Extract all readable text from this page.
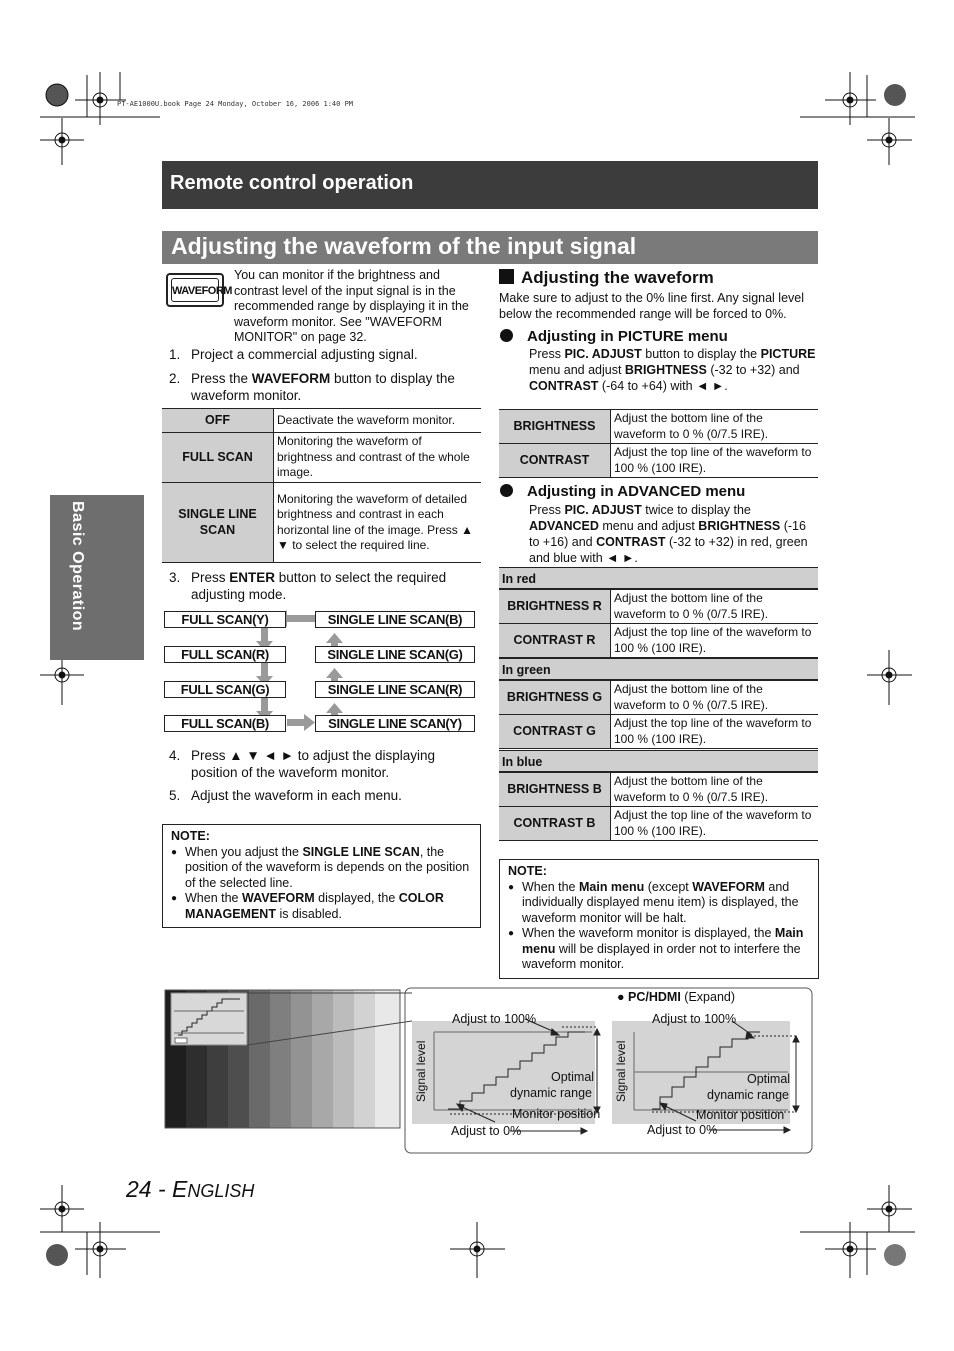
PT-AE1000U.book Page 24 Monday, October 16, 2006 1:40 PM
Remote control operation
Adjusting the waveform of the input signal
Basic Operation
WAVEFORM
You can monitor if the brightness and contrast level of the input signal is in the recommended range by displaying it in the waveform monitor. See "WAVEFORM MONITOR" on page 32.
1. Project a commercial adjusting signal.
2. Press the WAVEFORM button to display the waveform monitor.
OFF	Deactivate the waveform monitor.
FULL SCAN	Monitoring the waveform of brightness and contrast of the whole image.
SINGLE LINE SCAN	Monitoring the waveform of detailed brightness and contrast in each horizontal line of the image. Press ▲ ▼ to select the required line.
3. Press ENTER button to select the required adjusting mode.
FULL SCAN(Y)
FULL SCAN(R)
FULL SCAN(G)
FULL SCAN(B)
SINGLE LINE SCAN(B)
SINGLE LINE SCAN(G)
SINGLE LINE SCAN(R)
SINGLE LINE SCAN(Y)
4. Press ▲ ▼ ◄ ► to adjust the displaying position of the waveform monitor.
5. Adjust the waveform in each menu.
NOTE:
● When you adjust the SINGLE LINE SCAN, the position of the waveform is depends on the position of the selected line.
● When the WAVEFORM displayed, the COLOR MANAGEMENT is disabled.
Adjusting the waveform
Make sure to adjust to the 0% line first. Any signal level below the recommended range will be forced to 0%.
Adjusting in PICTURE menu
Press PIC. ADJUST button to display the PICTURE menu and adjust BRIGHTNESS (-32 to +32) and CONTRAST (-64 to +64) with ◄ ►.
BRIGHTNESS	Adjust the bottom line of the waveform to 0 % (0/7.5 IRE).
CONTRAST	Adjust the top line of the waveform to 100 % (100 IRE).
Adjusting in ADVANCED menu
Press PIC. ADJUST twice to display the ADVANCED menu and adjust BRIGHTNESS (-16 to +16) and CONTRAST (-32 to +32) in red, green and blue with ◄ ►.
In red
BRIGHTNESS R	Adjust the bottom line of the waveform to 0 % (0/7.5 IRE).
CONTRAST R	Adjust the top line of the waveform to 100 % (100 IRE).
In green
BRIGHTNESS G	Adjust the bottom line of the waveform to 0 % (0/7.5 IRE).
CONTRAST G	Adjust the top line of the waveform to 100 % (100 IRE).
In blue
BRIGHTNESS B	Adjust the bottom line of the waveform to 0 % (0/7.5 IRE).
CONTRAST B	Adjust the top line of the waveform to 100 % (100 IRE).
NOTE:
● When the Main menu (except WAVEFORM and individually displayed menu item) is displayed, the waveform monitor will be halt.
● When the waveform monitor is displayed, the Main menu will be displayed in order not to interfere the waveform monitor.
● PC/HDMI (Expand)
Adjust to 100%	Adjust to 100%
Signal level	Signal level
Optimal
dynamic range
Optimal
dynamic range
Monitor position	Monitor position
Adjust to 0%	Adjust to 0%
24 - ENGLISH
